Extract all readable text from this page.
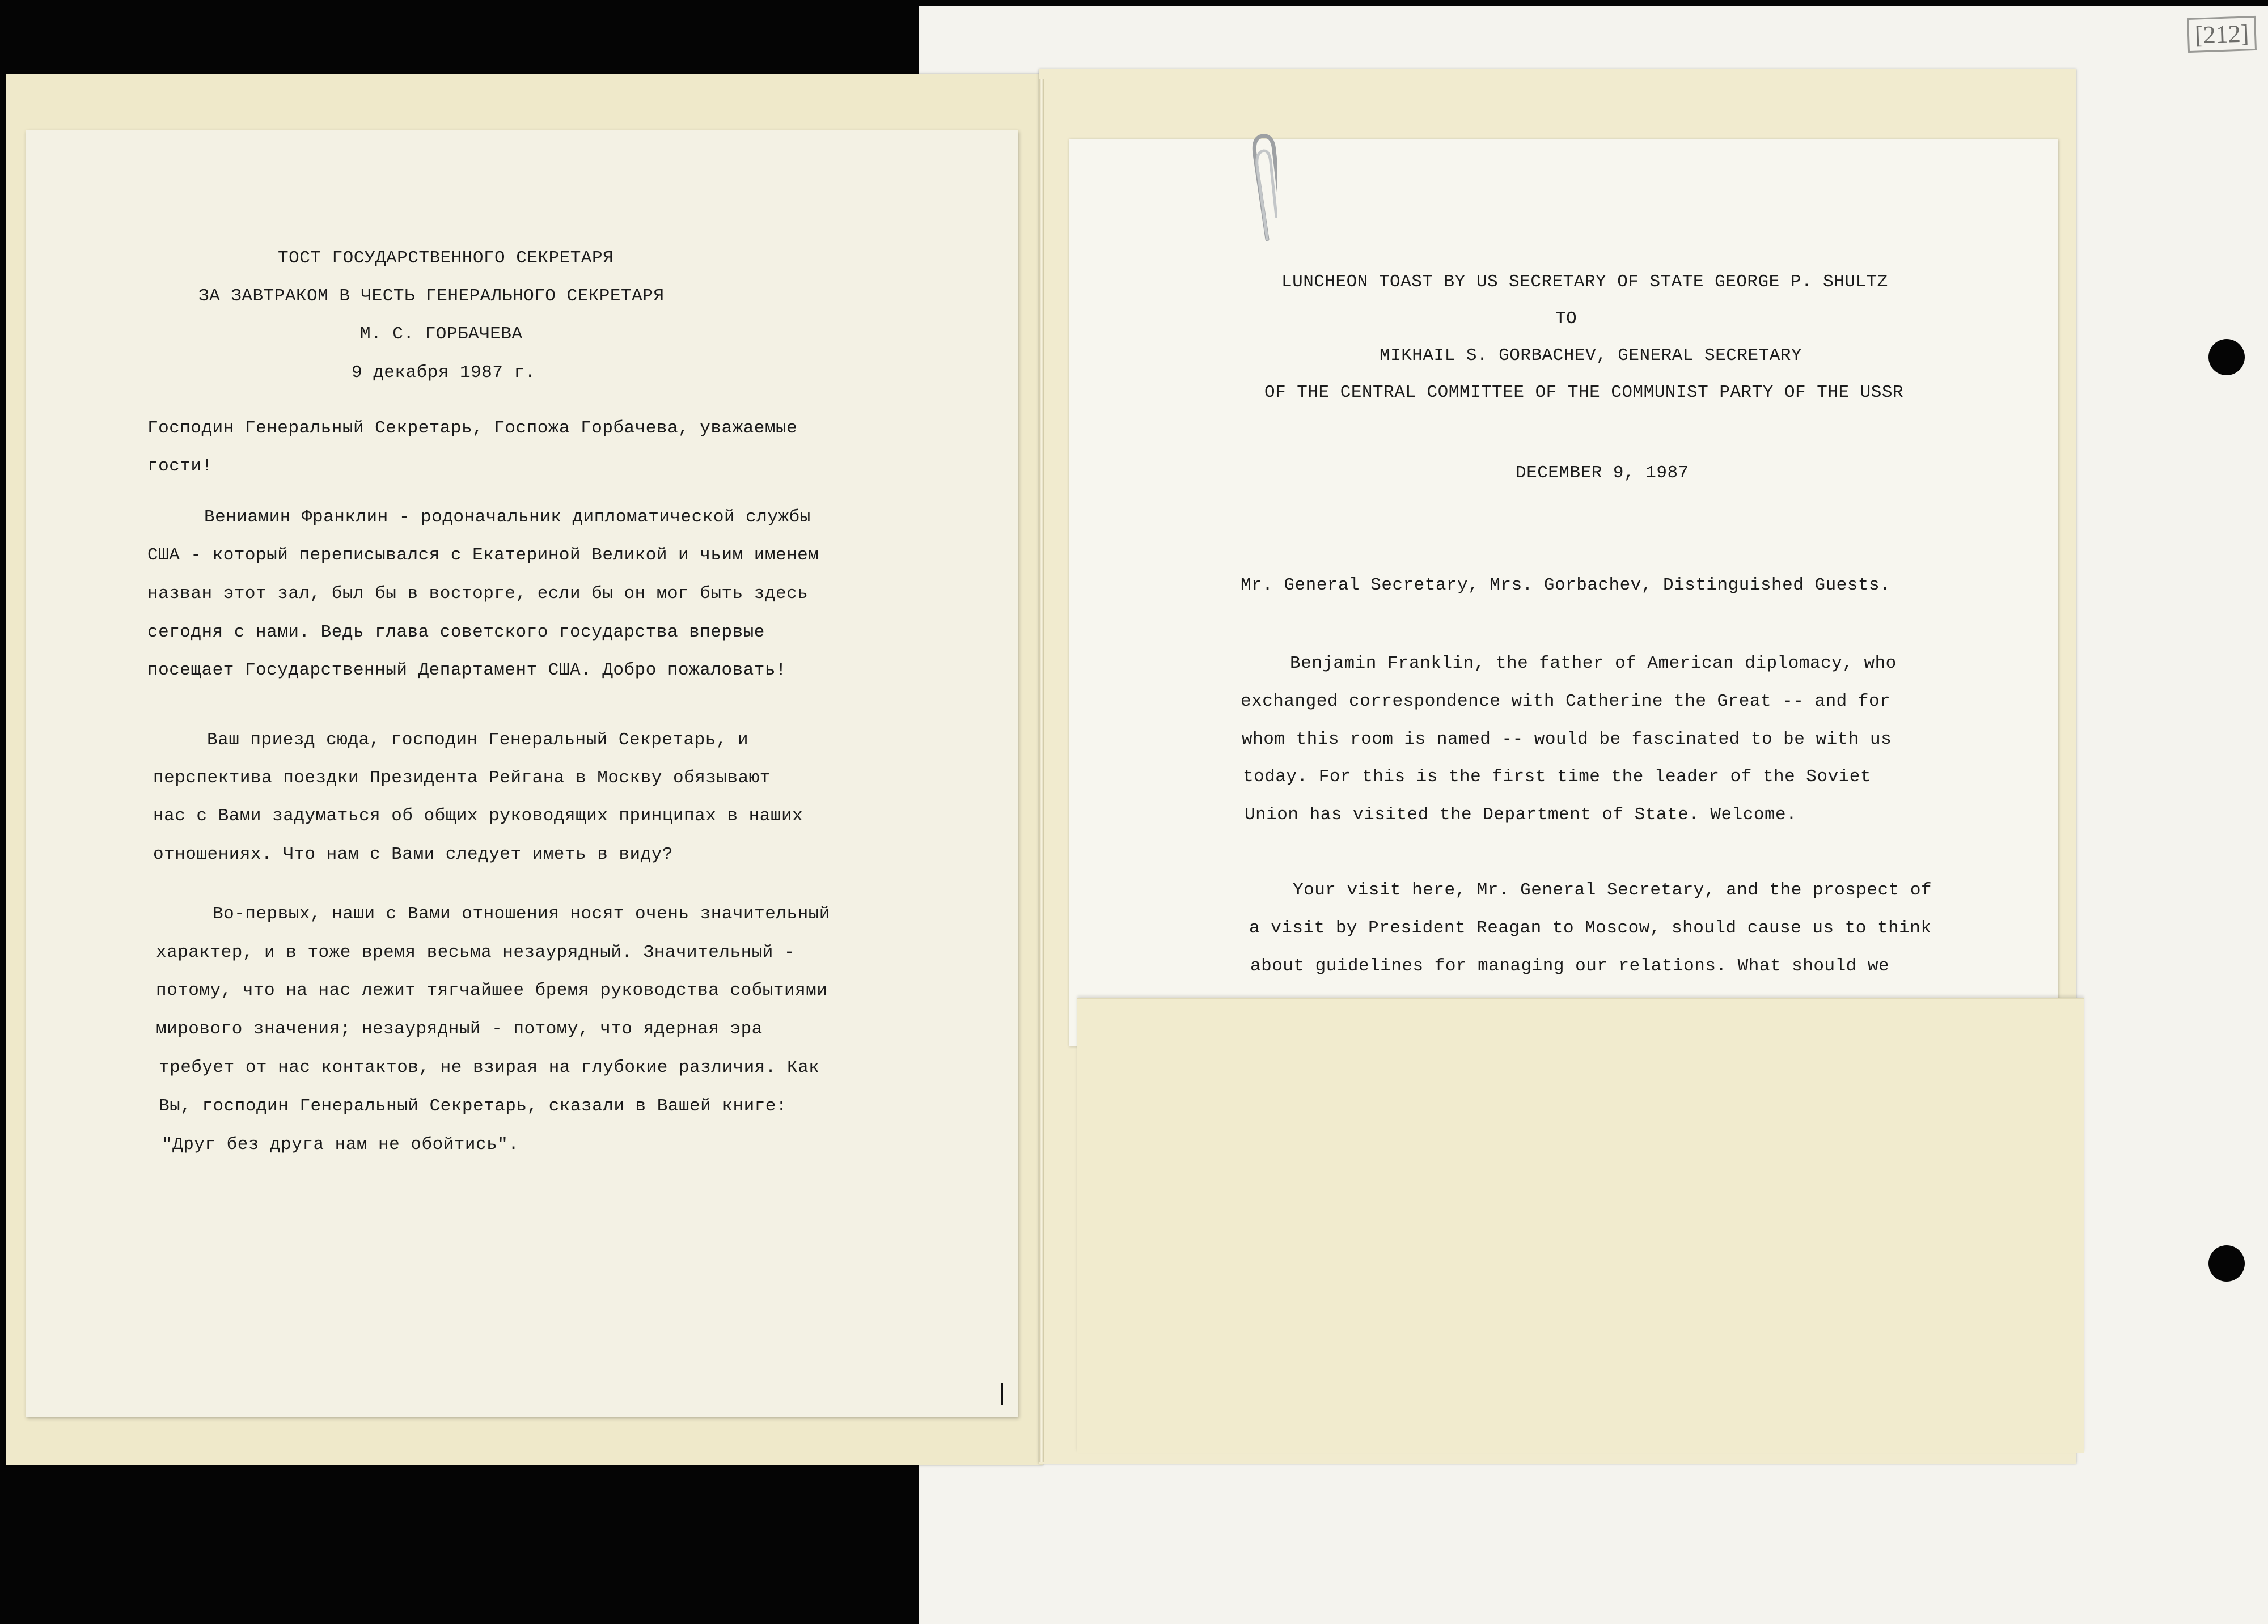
[212]
ТОСТ ГОСУДАРСТВЕННОГО СЕКРЕТАРЯ
ЗА ЗАВТРАКОМ В ЧЕСТЬ ГЕНЕРАЛЬНОГО СЕКРЕТАРЯ
М. С. ГОРБАЧЕВА
9 декабря 1987 г.
Господин Генеральный Секретарь, Госпожа Горбачева, уважаемые
гости!
Вениамин Франклин - родоначальник дипломатической службы
США - который переписывался с Екатериной Великой и чьим именем
назван этот зал, был бы в восторге, если бы он мог быть здесь
сегодня с нами. Ведь глава советского государства впервые
посещает Государственный Департамент США. Добро пожаловать!
Ваш приезд сюда, господин Генеральный Секретарь, и
перспектива поездки Президента Рейгана в Москву обязывают
нас с Вами задуматься об общих руководящих принципах в наших
отношениях. Что нам с Вами следует иметь в виду?
Во-первых, наши с Вами отношения носят очень значительный
характер, и в тоже время весьма незаурядный. Значительный -
потому, что на нас лежит тягчайшее бремя руководства событиями
мирового значения; незаурядный - потому, что ядерная эра
требует от нас контактов, не взирая на глубокие различия. Как
Вы, господин Генеральный Секретарь, сказали в Вашей книге:
"Друг без друга нам не обойтись".
LUNCHEON TOAST BY US SECRETARY OF STATE GEORGE P. SHULTZ
TO
MIKHAIL S. GORBACHEV, GENERAL SECRETARY
OF THE CENTRAL COMMITTEE OF THE COMMUNIST PARTY OF THE USSR
DECEMBER 9, 1987
Mr. General Secretary, Mrs. Gorbachev, Distinguished Guests.
Benjamin Franklin, the father of American diplomacy, who
exchanged correspondence with Catherine the Great -- and for
whom this room is named -- would be fascinated to be with us
today. For this is the first time the leader of the Soviet
Union has visited the Department of State. Welcome.
Your visit here, Mr. General Secretary, and the prospect of
a visit by President Reagan to Moscow, should cause us to think
about guidelines for managing our relations. What should we
